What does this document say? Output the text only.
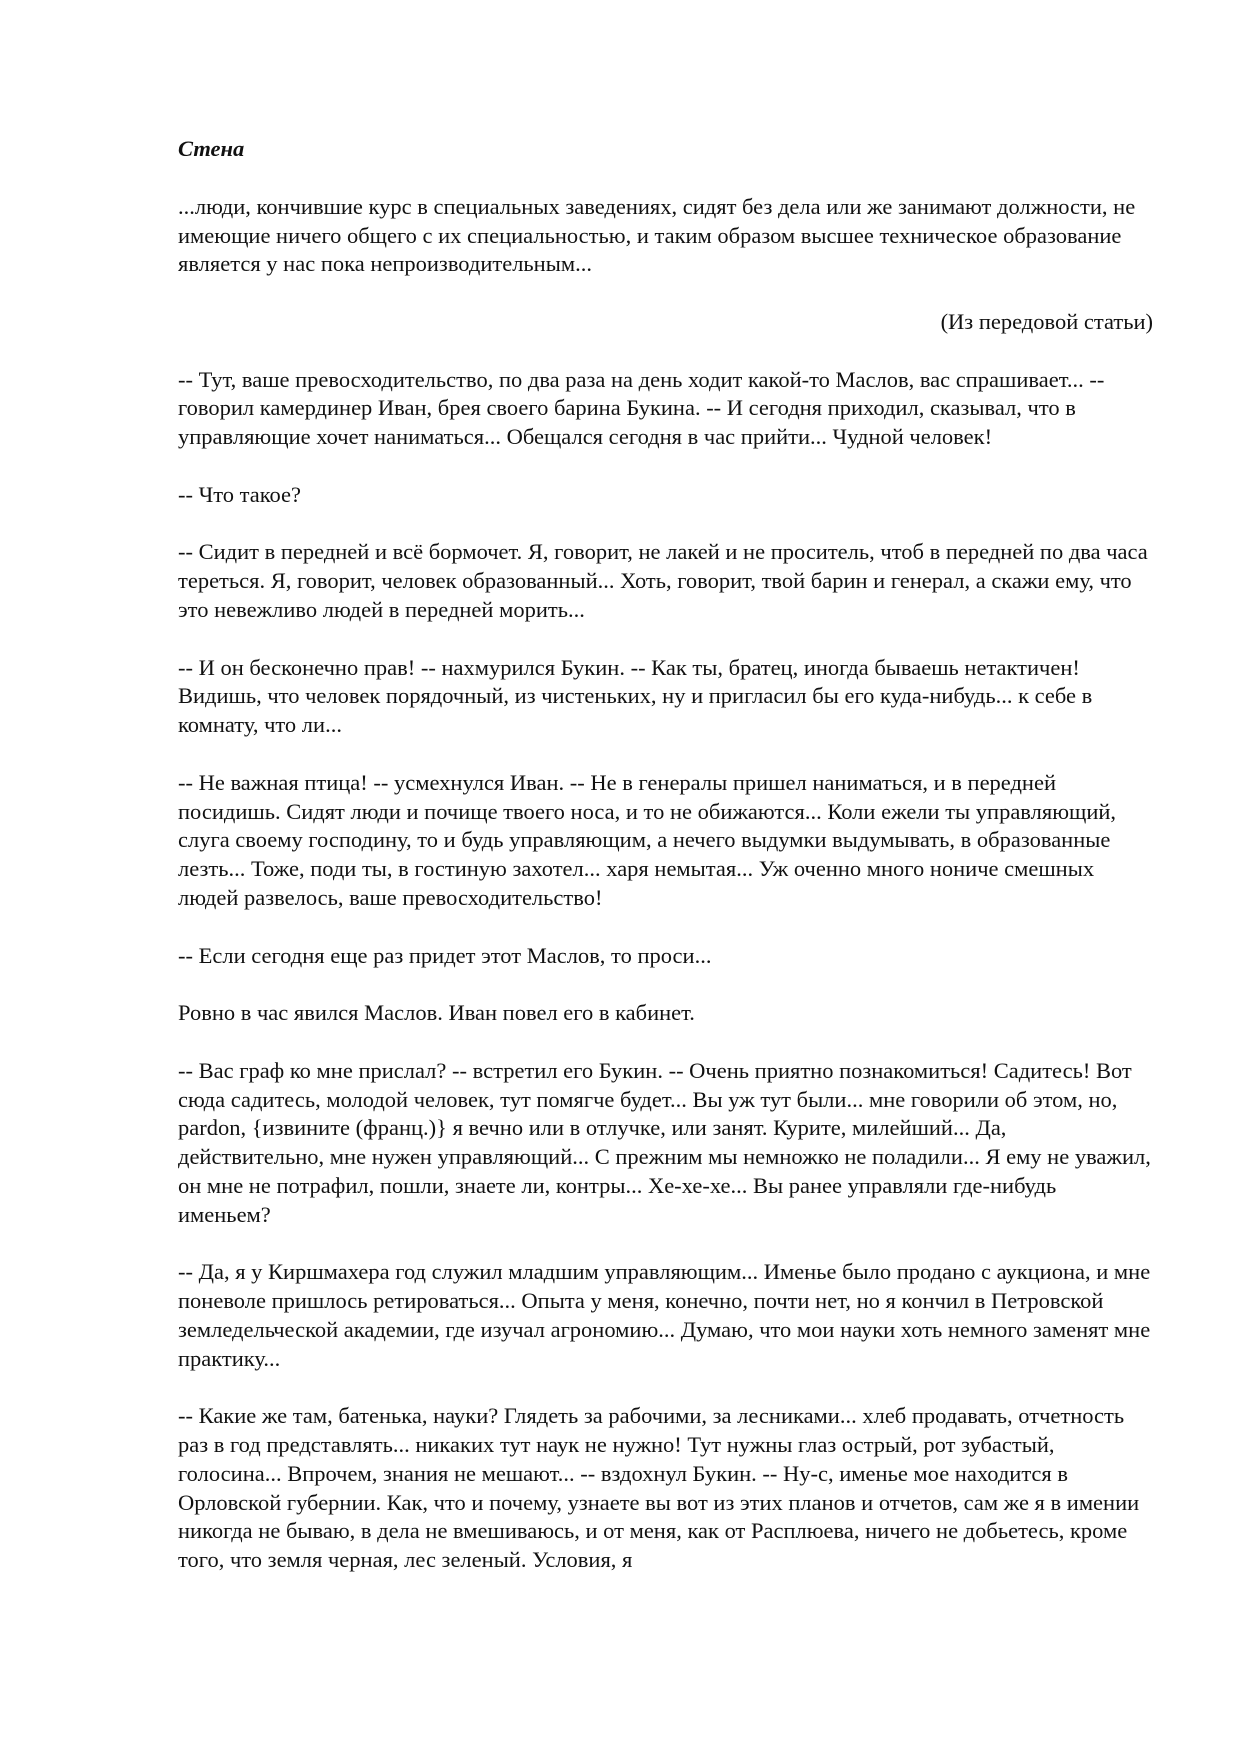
Стена

...люди, кончившие курс в специальных заведениях, сидят без дела или же занимают должности, не имеющие ничего общего с их специальностью, и таким образом высшее техническое образование является у нас пока непроизводительным...

(Из передовой статьи)

-- Тут, ваше превосходительство, по два раза на день ходит какой-то Маслов, вас спрашивает... -- говорил камердинер Иван, брея своего барина Букина. -- И сегодня приходил, сказывал, что в управляющие хочет наниматься... Обещался сегодня в час прийти... Чудной человек!

-- Что такое?

-- Сидит в передней и всё бормочет. Я, говорит, не лакей и не проситель, чтоб в передней по два часа тереться. Я, говорит, человек образованный... Хоть, говорит, твой барин и генерал, а скажи ему, что это невежливо людей в передней морить...

-- И он бесконечно прав! -- нахмурился Букин. -- Как ты, братец, иногда бываешь нетактичен! Видишь, что человек порядочный, из чистеньких, ну и пригласил бы его куда-нибудь... к себе в комнату, что ли...

-- Не важная птица! -- усмехнулся Иван. -- Не в генералы пришел наниматься, и в передней посидишь. Сидят люди и почище твоего носа, и то не обижаются... Коли ежели ты управляющий, слуга своему господину, то и будь управляющим, а нечего выдумки выдумывать, в образованные лезть... Тоже, поди ты, в гостиную захотел... харя немытая... Уж оченно много нониче смешных людей развелось, ваше превосходительство!

-- Если сегодня еще раз придет этот Маслов, то проси...

Ровно в час явился Маслов. Иван повел его в кабинет.

-- Вас граф ко мне прислал? -- встретил его Букин. -- Очень приятно познакомиться! Садитесь! Вот сюда садитесь, молодой человек, тут помягче будет... Вы уж тут были... мне говорили об этом, но, pardon, {извините (франц.)} я вечно или в отлучке, или занят. Курите, милейший... Да, действительно, мне нужен управляющий... С прежним мы немножко не поладили... Я ему не уважил, он мне не потрафил, пошли, знаете ли, контры... Хе-хе-хе... Вы ранее управляли где-нибудь именьем?

-- Да, я у Киршмахера год служил младшим управляющим... Именье было продано с аукциона, и мне поневоле пришлось ретироваться... Опыта у меня, конечно, почти нет, но я кончил в Петровской земледельческой академии, где изучал агрономию... Думаю, что мои науки хоть немного заменят мне практику...

-- Какие же там, батенька, науки? Глядеть за рабочими, за лесниками... хлеб продавать, отчетность раз в год представлять... никаких тут наук не нужно! Тут нужны глаз острый, рот зубастый, голосина... Впрочем, знания не мешают... -- вздохнул Букин. -- Ну-с, именье мое находится в Орловской губернии. Как, что и почему, узнаете вы вот из этих планов и отчетов, сам же я в имении никогда не бываю, в дела не вмешиваюсь, и от меня, как от Расплюева, ничего не добьетесь, кроме того, что земля черная, лес зеленый. Условия, я
